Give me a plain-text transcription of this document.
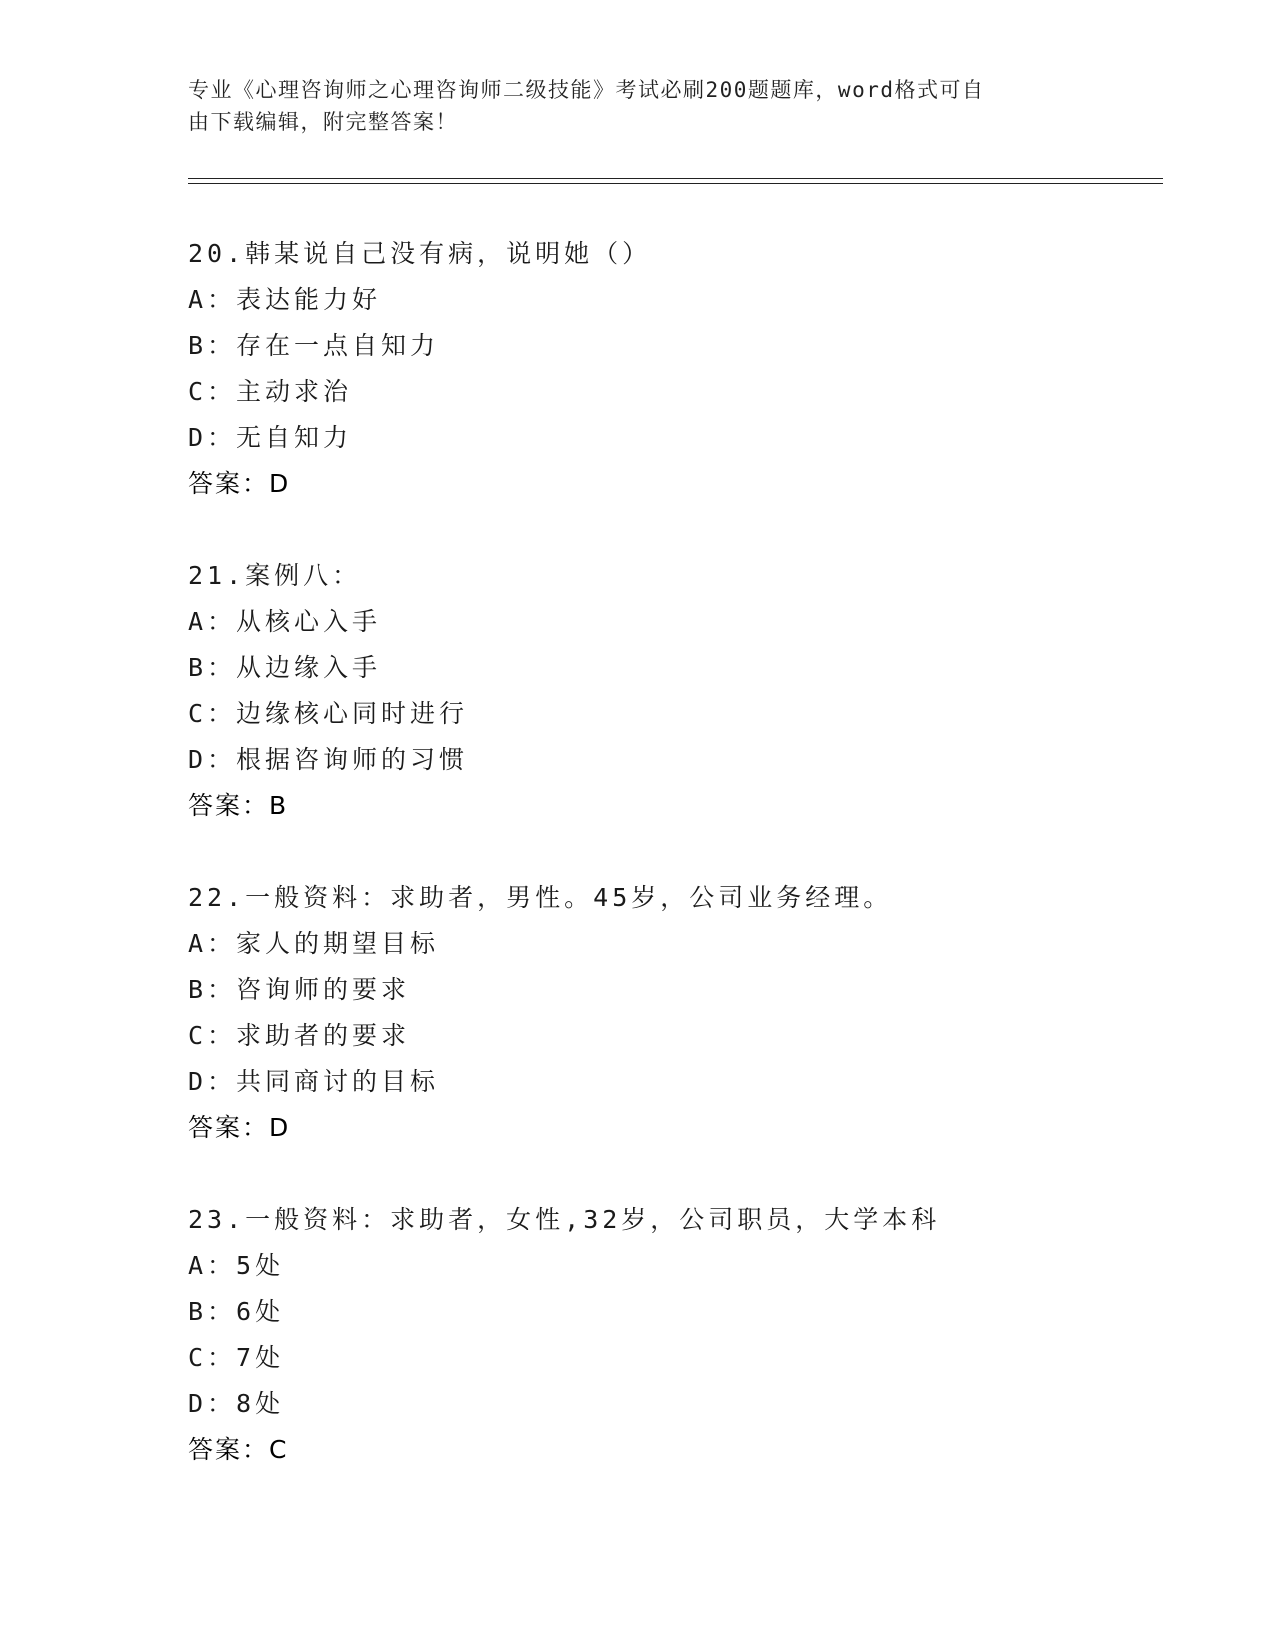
专业《心理咨询师之心理咨询师二级技能》考试必刷200题题库，word格式可自
由下载编辑，附完整答案！
20.韩某说自己没有病，说明她（）
A：表达能力好
B：存在一点自知力
C：主动求治
D：无自知力
答案：D
21.案例八：
A：从核心入手
B：从边缘入手
C：边缘核心同时进行
D：根据咨询师的习惯
答案：B
22.一般资料：求助者，男性。45岁，公司业务经理。
A：家人的期望目标
B：咨询师的要求
C：求助者的要求
D：共同商讨的目标
答案：D
23.一般资料：求助者，女性,32岁，公司职员，大学本科
A：5处
B：6处
C：7处
D：8处
答案：C
